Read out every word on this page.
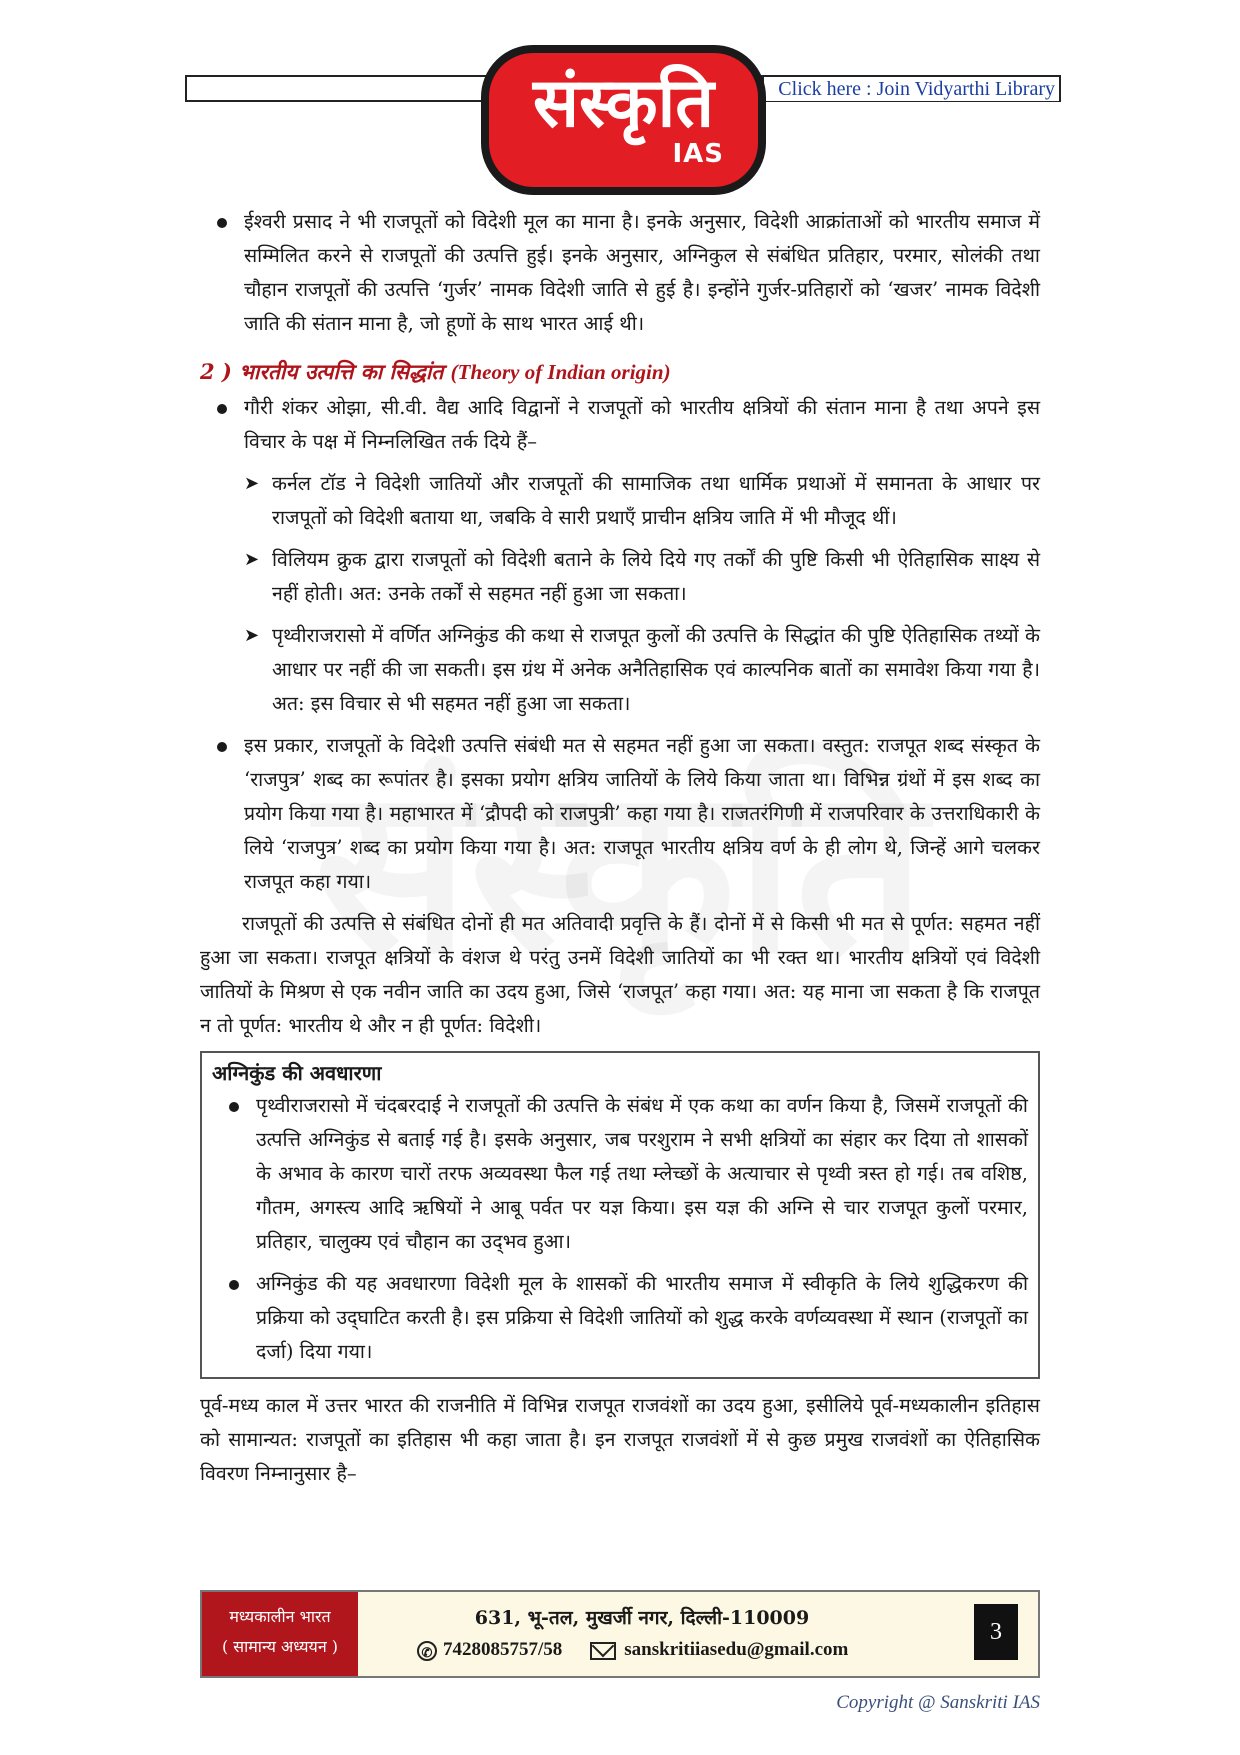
Click here : Join Vidyarthi Library
संस्कृति
IAS

ईश्वरी प्रसाद ने भी राजपूतों को विदेशी मूल का माना है। इनके अनुसार, विदेशी आक्रांताओं को भारतीय समाज में सम्मिलित करने से राजपूतों की उत्पत्ति हुई। इनके अनुसार, अग्निकुल से संबंधित प्रतिहार, परमार, सोलंकी तथा चौहान राजपूतों की उत्पत्ति ‘गुर्जर’ नामक विदेशी जाति से हुई है। इन्होंने गुर्जर-प्रतिहारों को ‘खजर’ नामक विदेशी जाति की संतान माना है, जो हूणों के साथ भारत आई थी।

2 ) भारतीय उत्पत्ति का सिद्धांत (Theory of Indian origin)

गौरी शंकर ओझा, सी.वी. वैद्य आदि विद्वानों ने राजपूतों को भारतीय क्षत्रियों की संतान माना है तथा अपने इस विचार के पक्ष में निम्नलिखित तर्क दिये हैं–

➤ कर्नल टॉड ने विदेशी जातियों और राजपूतों की सामाजिक तथा धार्मिक प्रथाओं में समानता के आधार पर राजपूतों को विदेशी बताया था, जबकि वे सारी प्रथाएँ प्राचीन क्षत्रिय जाति में भी मौजूद थीं।
➤ विलियम क्रुक द्वारा राजपूतों को विदेशी बताने के लिये दिये गए तर्कों की पुष्टि किसी भी ऐतिहासिक साक्ष्य से नहीं होती। अत: उनके तर्कों से सहमत नहीं हुआ जा सकता।
➤ पृथ्वीराजरासो में वर्णित अग्निकुंड की कथा से राजपूत कुलों की उत्पत्ति के सिद्धांत की पुष्टि ऐतिहासिक तथ्यों के आधार पर नहीं की जा सकती। इस ग्रंथ में अनेक अनैतिहासिक एवं काल्पनिक बातों का समावेश किया गया है। अत: इस विचार से भी सहमत नहीं हुआ जा सकता।

इस प्रकार, राजपूतों के विदेशी उत्पत्ति संबंधी मत से सहमत नहीं हुआ जा सकता। वस्तुत: राजपूत शब्द संस्कृत के ‘राजपुत्र’ शब्द का रूपांतर है। इसका प्रयोग क्षत्रिय जातियों के लिये किया जाता था। विभिन्न ग्रंथों में इस शब्द का प्रयोग किया गया है। महाभारत में ‘द्रौपदी को राजपुत्री’ कहा गया है। राजतरंगिणी में राजपरिवार के उत्तराधिकारी के लिये ‘राजपुत्र’ शब्द का प्रयोग किया गया है। अत: राजपूत भारतीय क्षत्रिय वर्ण के ही लोग थे, जिन्हें आगे चलकर राजपूत कहा गया।

राजपूतों की उत्पत्ति से संबंधित दोनों ही मत अतिवादी प्रवृत्ति के हैं। दोनों में से किसी भी मत से पूर्णत: सहमत नहीं हुआ जा सकता। राजपूत क्षत्रियों के वंशज थे परंतु उनमें विदेशी जातियों का भी रक्त था। भारतीय क्षत्रियों एवं विदेशी जातियों के मिश्रण से एक नवीन जाति का उदय हुआ, जिसे ‘राजपूत’ कहा गया। अत: यह माना जा सकता है कि राजपूत न तो पूर्णत: भारतीय थे और न ही पूर्णत: विदेशी।

अग्निकुंड की अवधारणा

पृथ्वीराजरासो में चंदबरदाई ने राजपूतों की उत्पत्ति के संबंध में एक कथा का वर्णन किया है, जिसमें राजपूतों की उत्पत्ति अग्निकुंड से बताई गई है। इसके अनुसार, जब परशुराम ने सभी क्षत्रियों का संहार कर दिया तो शासकों के अभाव के कारण चारों तरफ अव्यवस्था फैल गई तथा म्लेच्छों के अत्याचार से पृथ्वी त्रस्त हो गई। तब वशिष्ठ, गौतम, अगस्त्य आदि ऋषियों ने आबू पर्वत पर यज्ञ किया। इस यज्ञ की अग्नि से चार राजपूत कुलों परमार, प्रतिहार, चालुक्य एवं चौहान का उद्‌भव हुआ।

अग्निकुंड की यह अवधारणा विदेशी मूल के शासकों की भारतीय समाज में स्वीकृति के लिये शुद्धिकरण की प्रक्रिया को उद्‌घाटित करती है। इस प्रक्रिया से विदेशी जातियों को शुद्ध करके वर्णव्यवस्था में स्थान (राजपूतों का दर्जा) दिया गया।

पूर्व-मध्य काल में उत्तर भारत की राजनीति में विभिन्न राजपूत राजवंशों का उदय हुआ, इसीलिये पूर्व-मध्यकालीन इतिहास को सामान्यत: राजपूतों का इतिहास भी कहा जाता है। इन राजपूत राजवंशों में से कुछ प्रमुख राजवंशों का ऐतिहासिक विवरण निम्नानुसार है–

मध्यकालीन भारत
( सामान्य अध्ययन )
631, भू-तल, मुखर्जी नगर, दिल्ली-110009
✆ 7428085757/58	sanskritiiasedu@gmail.com
3
Copyright @ Sanskriti IAS
